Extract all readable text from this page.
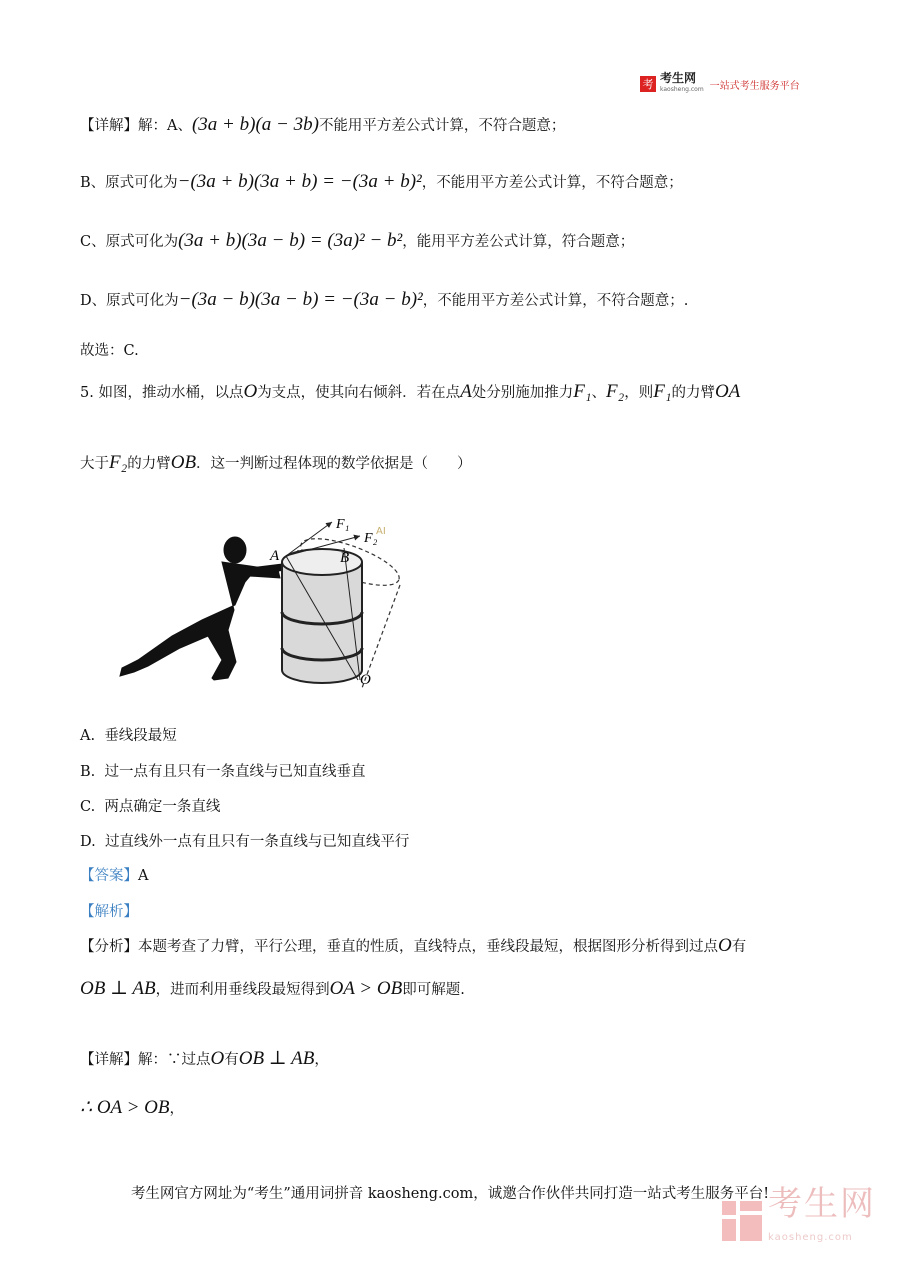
考 考生网
kaosheng.com 一站式考生服务平台
【详解】解：A、(3a + b)(a − 3b)不能用平方差公式计算，不符合题意；
B、原式可化为−(3a + b)(3a + b) = −(3a + b)²，不能用平方差公式计算，不符合题意；
C、原式可化为(3a + b)(3a − b) = (3a)² − b²，能用平方差公式计算，符合题意；
D、原式可化为−(3a − b)(3a − b) = −(3a − b)²，不能用平方差公式计算，不符合题意；.
故选：C.
5. 如图，推动水桶，以点O为支点，使其向右倾斜．若在点A处分别施加推力F₁、F₂，则F₁的力臂OA
大于F₂的力臂OB．这一判断过程体现的数学依据是（　　）
F₁
F₂
AI
A	B
O
A. 垂线段最短
B. 过一点有且只有一条直线与已知直线垂直
C. 两点确定一条直线
D. 过直线外一点有且只有一条直线与已知直线平行
【答案】A
【解析】
【分析】本题考查了力臂，平行公理，垂直的性质，直线特点，垂线段最短，根据图形分析得到过点O有
OB ⊥ AB，进而利用垂线段最短得到OA > OB即可解题.
【详解】解：∵过点O有OB ⊥ AB，
∴ OA > OB，
考生网官方网址为“考生”通用词拼音 kaosheng.com，诚邀合作伙伴共同打造一站式考生服务平台!
考生网
kaosheng.com
